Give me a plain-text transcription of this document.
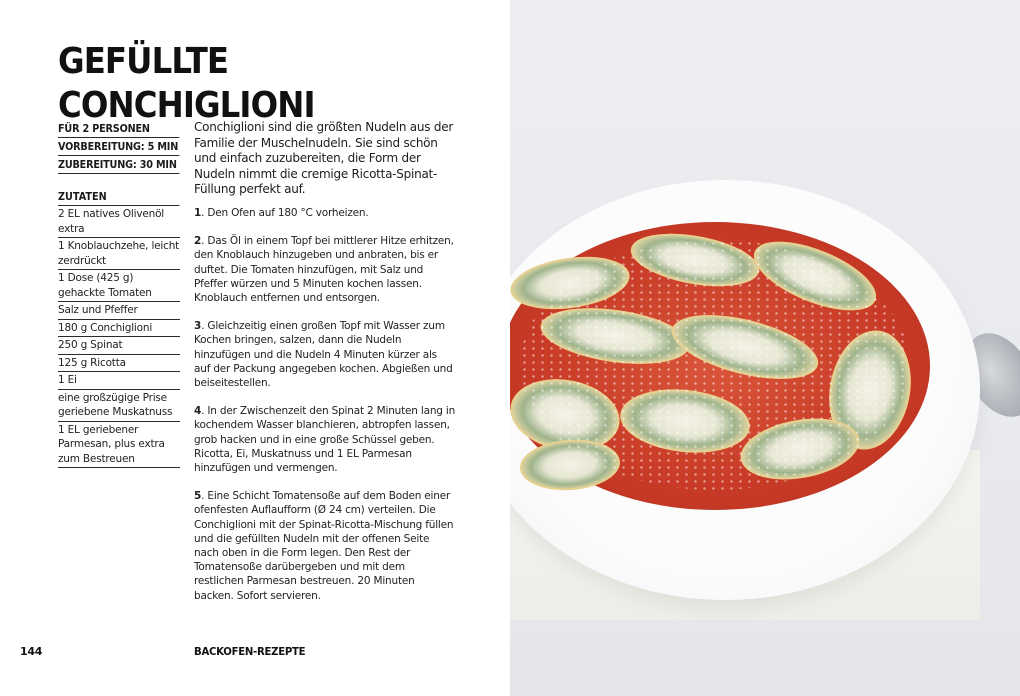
GEFÜLLTE CONCHIGLIONI
FÜR 2 PERSONEN
VORBEREITUNG: 5 MIN
ZUBEREITUNG: 30 MIN
ZUTATEN
2 EL natives Olivenöl extra
1 Knoblauchzehe, leicht zerdrückt
1 Dose (425 g) gehackte Tomaten
Salz und Pfeffer
180 g Conchiglioni
250 g Spinat
125 g Ricotta
1 Ei
eine großzügige Prise geriebene Muskatnuss
1 EL geriebener Parmesan, plus extra zum Bestreuen

Conchiglioni sind die größten Nudeln aus der Familie der Muschelnudeln. Sie sind schön und einfach zuzubereiten, die Form der Nudeln nimmt die cremige Ricotta-Spinat-Füllung perfekt auf.

1. Den Ofen auf 180 °C vorheizen.

2. Das Öl in einem Topf bei mittlerer Hitze erhitzen, den Knoblauch hinzugeben und anbraten, bis er duftet. Die Tomaten hinzufügen, mit Salz und Pfeffer würzen und 5 Minuten kochen lassen. Knoblauch entfernen und entsorgen.

3. Gleichzeitig einen großen Topf mit Wasser zum Kochen bringen, salzen, dann die Nudeln hinzufügen und die Nudeln 4 Minuten kürzer als auf der Packung angegeben kochen. Abgießen und beiseitestellen.

4. In der Zwischenzeit den Spinat 2 Minuten lang in kochendem Wasser blanchieren, abtropfen lassen, grob hacken und in eine große Schüssel geben. Ricotta, Ei, Muskatnuss und 1 EL Parmesan hinzufügen und vermengen.

5. Eine Schicht Tomatensoße auf dem Boden einer ofenfesten Auflaufform (Ø 24 cm) verteilen. Die Conchiglioni mit der Spinat-Ricotta-Mischung füllen und die gefüllten Nudeln mit der offenen Seite nach oben in die Form legen. Den Rest der Tomatensoße darübergeben und mit dem restlichen Parmesan bestreuen. 20 Minuten backen. Sofort servieren.

144	BACKOFEN-REZEPTE
